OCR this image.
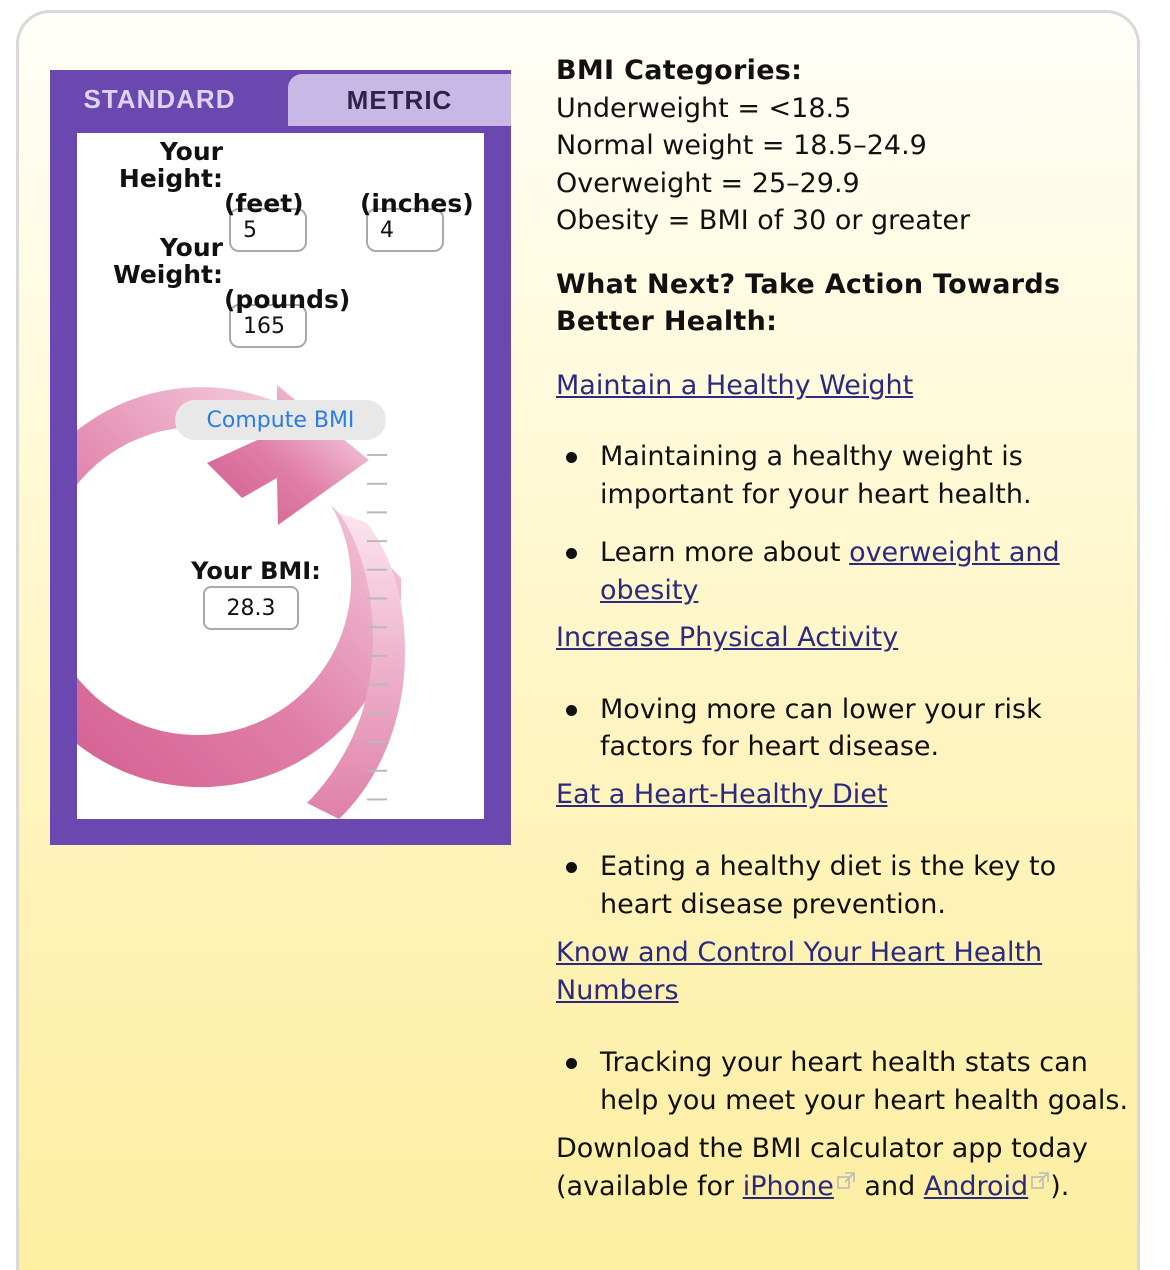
STANDARD	METRIC
Your
Height:
5
(feet)
4 (inches)
Your
Weight:
165
(pounds)
Compute BMI
Your BMI:
28.3

BMI Categories:

Underweight = <18.5

Normal weight = 18.5–24.9

Overweight = 25–29.9

Obesity = BMI of 30 or greater

What Next? Take Action Towards Better Health:

Maintain a Healthy Weight

Maintaining a healthy weight is important for your heart health.

Learn more about overweight and obesity

Increase Physical Activity

Moving more can lower your risk factors for heart disease.

Eat a Heart-Healthy Diet

Eating a healthy diet is the key to heart disease prevention.

Know and Control Your Heart Health Numbers

Tracking your heart health stats can help you meet your heart health goals.

Download the BMI calculator app today
(available for iPhone and Android ).
